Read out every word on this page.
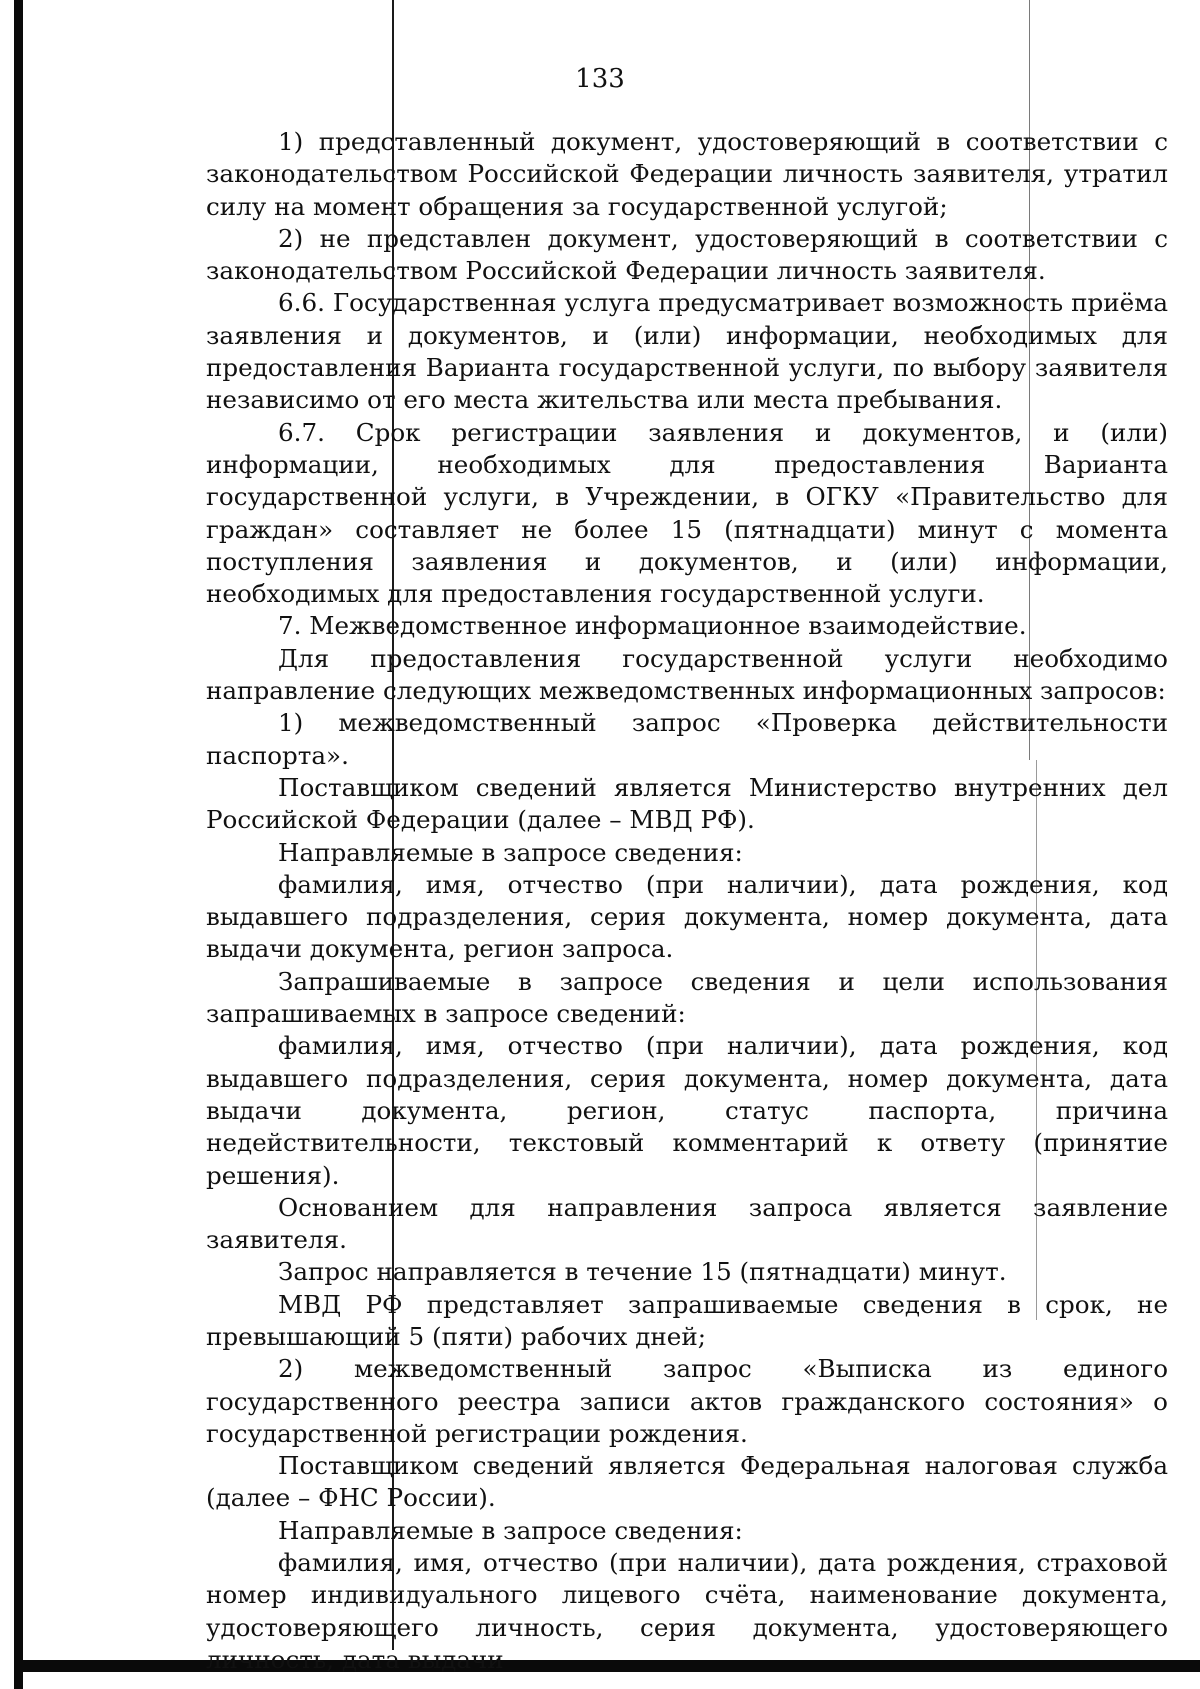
133

1) представленный документ, удостоверяющий в соответствии с законодательством Российской Федерации личность заявителя, утратил силу на момент обращения за государственной услугой;

2) не представлен документ, удостоверяющий в соответствии с законодательством Российской Федерации личность заявителя.

6.6. Государственная услуга предусматривает возможность приёма заявления и документов, и (или) информации, необходимых для предоставления Варианта государственной услуги, по выбору заявителя независимо от его места жительства или места пребывания.

6.7. Срок регистрации заявления и документов, и (или) информации, необходимых для предоставления Варианта государственной услуги, в Учреждении, в ОГКУ «Правительство для граждан» составляет не более 15 (пятнадцати) минут с момента поступления заявления и документов, и (или) информации, необходимых для предоставления государственной услуги.

7. Межведомственное информационное взаимодействие.

Для предоставления государственной услуги необходимо направление следующих межведомственных информационных запросов:

1) межведомственный запрос «Проверка действительности паспорта».

Поставщиком сведений является Министерство внутренних дел Российской Федерации (далее – МВД РФ).

Направляемые в запросе сведения:

фамилия, имя, отчество (при наличии), дата рождения, код выдавшего подразделения, серия документа, номер документа, дата выдачи документа, регион запроса.

Запрашиваемые в запросе сведения и цели использования запрашиваемых в запросе сведений:

фамилия, имя, отчество (при наличии), дата рождения, код выдавшего подразделения, серия документа, номер документа, дата выдачи документа, регион, статус паспорта, причина недействительности, текстовый комментарий к ответу (принятие решения).

Основанием для направления запроса является заявление заявителя.

Запрос направляется в течение 15 (пятнадцати) минут.

МВД РФ представляет запрашиваемые сведения в срок, не превышающий 5 (пяти) рабочих дней;

2) межведомственный запрос «Выписка из единого государственного реестра записи актов гражданского состояния» о государственной регистрации рождения.

Поставщиком сведений является Федеральная налоговая служба (далее – ФНС России).

Направляемые в запросе сведения:

фамилия, имя, отчество (при наличии), дата рождения, страховой номер индивидуального лицевого счёта, наименование документа, удостоверяющего личность, серия документа, удостоверяющего личность, дата выдачи
